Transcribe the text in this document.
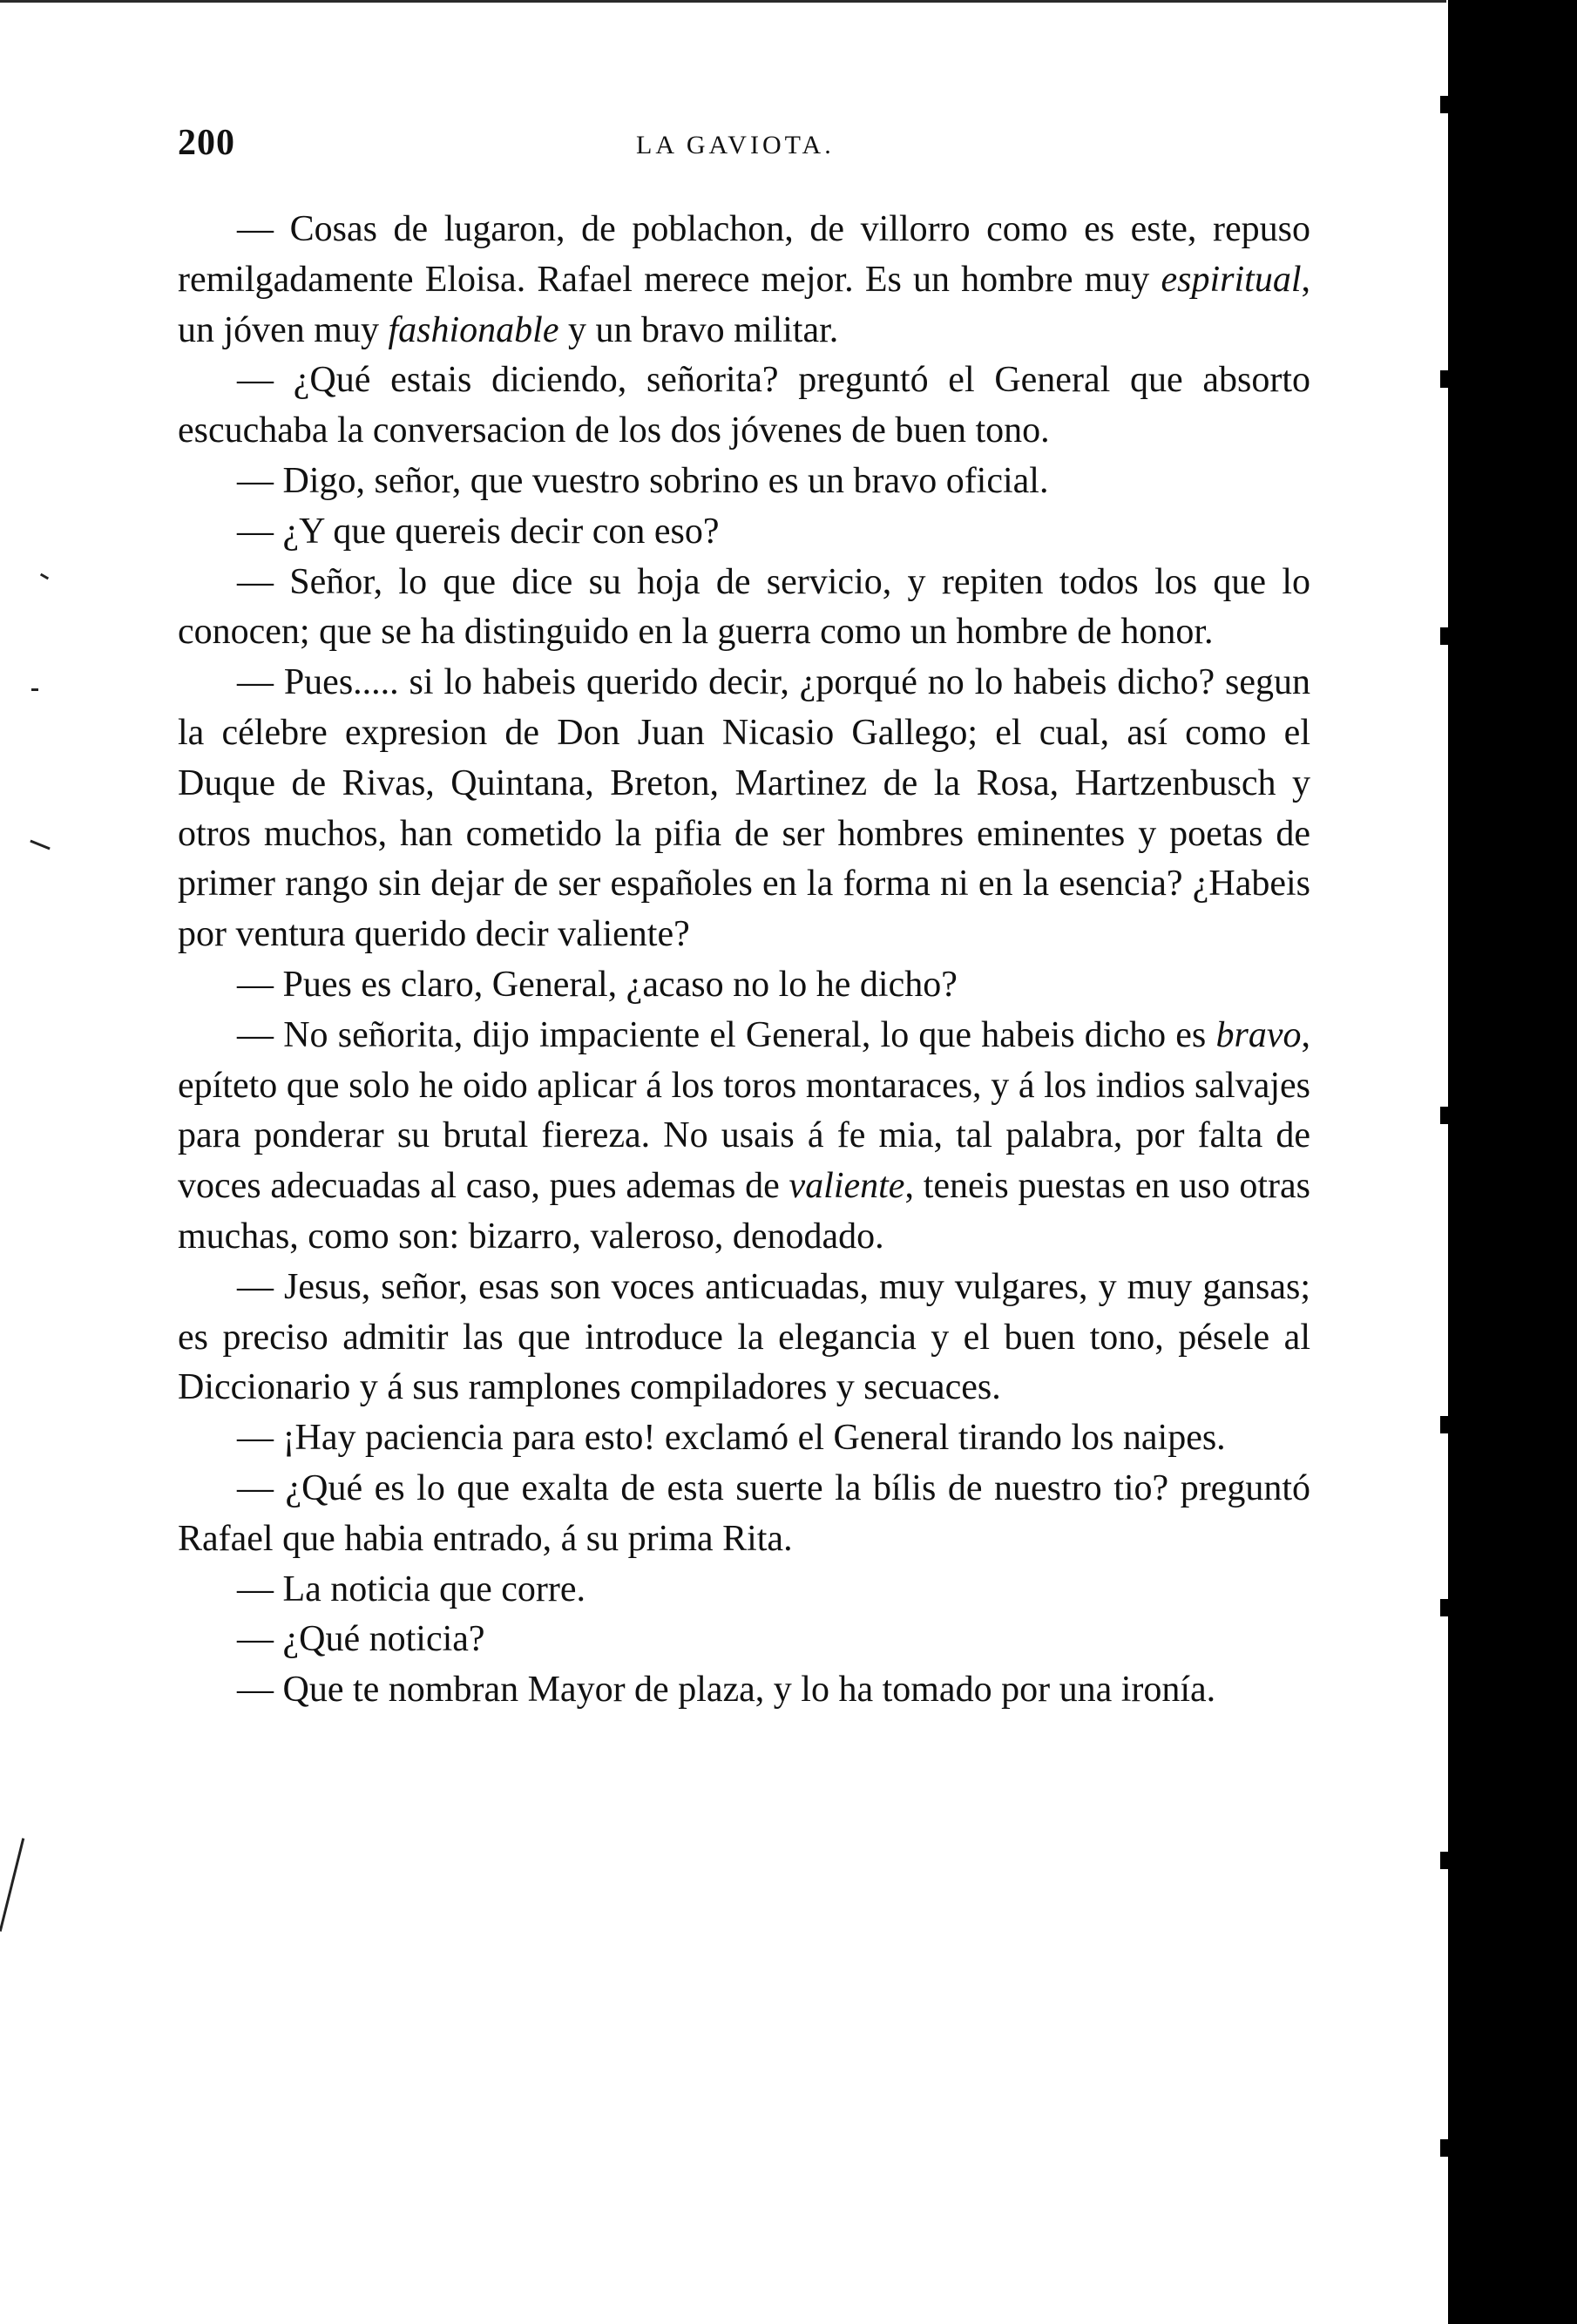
200	LA GAVIOTA.

— Cosas de lugaron, de poblachon, de villorro como es este, repuso remilgadamente Eloisa. Rafael merece mejor. Es un hombre muy espiritual, un jóven muy fashionable y un bravo militar.

— ¿Qué estais diciendo, señorita? preguntó el General que absorto escuchaba la conversacion de los dos jóvenes de buen tono.

— Digo, señor, que vuestro sobrino es un bravo oficial.

— ¿Y que quereis decir con eso?

— Señor, lo que dice su hoja de servicio, y repiten todos los que lo conocen; que se ha distinguido en la guerra como un hombre de honor.

— Pues..... si lo habeis querido decir, ¿porqué no lo habeis dicho? segun la célebre expresion de Don Juan Nicasio Gallego; el cual, así como el Duque de Rivas, Quintana, Breton, Martinez de la Rosa, Hartzenbusch y otros muchos, han cometido la pifia de ser hombres eminentes y poetas de primer rango sin dejar de ser españoles en la forma ni en la esencia? ¿Habeis por ventura querido decir valiente?

— Pues es claro, General, ¿acaso no lo he dicho?

— No señorita, dijo impaciente el General, lo que habeis dicho es bravo, epíteto que solo he oido aplicar á los toros montaraces, y á los indios salvajes para ponderar su brutal fiereza. No usais á fe mia, tal palabra, por falta de voces adecuadas al caso, pues ademas de valiente, teneis puestas en uso otras muchas, como son: bizarro, valeroso, denodado.

— Jesus, señor, esas son voces anticuadas, muy vulgares, y muy gansas; es preciso admitir las que introduce la elegancia y el buen tono, pésele al Diccionario y á sus ramplones compiladores y secuaces.

— ¡Hay paciencia para esto! exclamó el General tirando los naipes.

— ¿Qué es lo que exalta de esta suerte la bílis de nuestro tio? preguntó Rafael que habia entrado, á su prima Rita.

— La noticia que corre.

— ¿Qué noticia?

— Que te nombran Mayor de plaza, y lo ha tomado por una ironía.
